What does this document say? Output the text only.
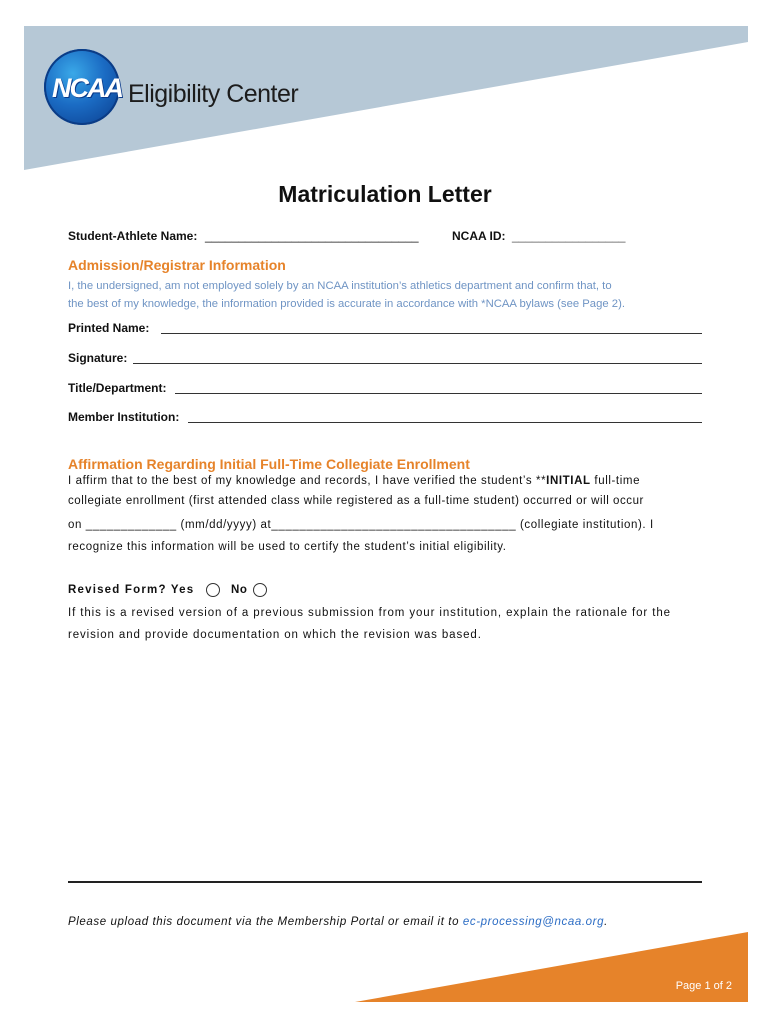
NCAA Eligibility Center
Matriculation Letter
Student-Athlete Name: ________________________________	NCAA ID: _________________
Admission/Registrar Information
I, the undersigned, am not employed solely by an NCAA institution’s athletics department and confirm that, to
the best of my knowledge, the information provided is accurate in accordance with *NCAA bylaws (see Page 2).
Printed Name:
Signature:
Title/Department:
Member Institution:
Affirmation Regarding Initial Full-Time Collegiate Enrollment
I affirm that to the best of my knowledge and records, I have verified the student’s **INITIAL full-time
collegiate enrollment (first attended class while registered as a full-time student) occurred or will occur
on _____________ (mm/dd/yyyy) at___________________________________ (collegiate institution). I
recognize this information will be used to certify the student’s initial eligibility.
Revised Form? Yes	No
If this is a revised version of a previous submission from your institution, explain the rationale for the
revision and provide documentation on which the revision was based.
Please upload this document via the Membership Portal or email it to ec-processing@ncaa.org.
Page 1 of 2
